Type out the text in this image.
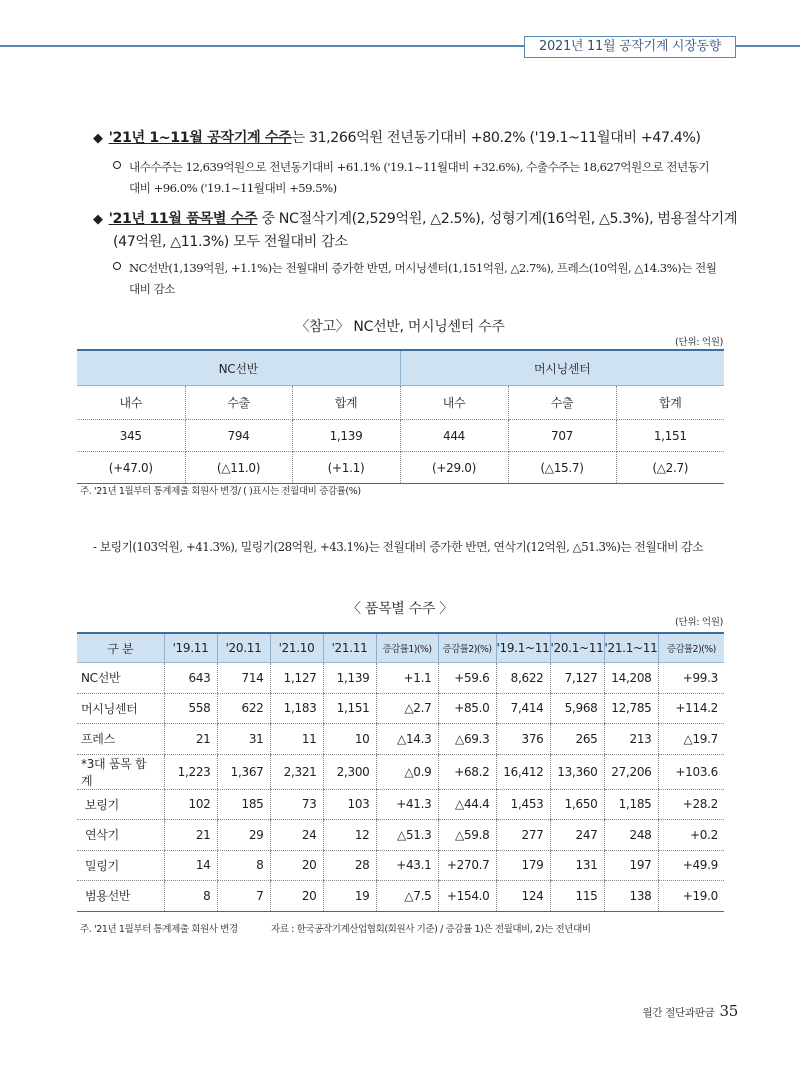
2021년 11월 공작기계 시장동향
◆ '21년 1~11월 공작기계 수주는 31,266억원 전년동기대비 +80.2% ('19.1~11월대비 +47.4%)
내수수주는 12,639억원으로 전년동기대비 +61.1% ('19.1~11월대비 +32.6%), 수출수주는 18,627억원으로 전년동기
대비 +96.0% ('19.1~11월대비 +59.5%)
◆ '21년 11월 품목별 수주 중 NC절삭기계(2,529억원, △2.5%), 성형기계(16억원, △5.3%), 범용절삭기계
(47억원, △11.3%) 모두 전월대비 감소
NC선반(1,139억원, +1.1%)는 전월대비 증가한 반면, 머시닝센터(1,151억원, △2.7%), 프레스(10억원, △14.3%)는 전월
대비 감소
〈참고〉 NC선반, 머시닝센터 수주
(단위: 억원)
NC선반			머시닝센터		
내수	수출	합계	내수	수출	합계
345	794	1,139	444	707	1,151
(+47.0)	(△11.0)	(+1.1)	(+29.0)	(△15.7)	(△2.7)
주. '21년 1월부터 통계제출 회원사 변경/ ( )표시는 전월대비 증감률(%)
- 보링기(103억원, +41.3%), 밀링기(28억원, +43.1%)는 전월대비 증가한 반면, 연삭기(12억원, △51.3%)는 전월대비 감소
〈 품목별 수주 〉
(단위: 억원)
구 분	'19.11	'20.11	'21.10	'21.11	증감률1)(%)	증감률2)(%)	'19.1~11	'20.1~11	'21.1~11	증감률2)(%)
NC선반	643	714	1,127	1,139	+1.1	+59.6	8,622	7,127	14,208	+99.3
머시닝센터	558	622	1,183	1,151	△2.7	+85.0	7,414	5,968	12,785	+114.2
프레스	21	31	11	10	△14.3	△69.3	376	265	213	△19.7
*3대 품목 합계	1,223	1,367	2,321	2,300	△0.9	+68.2	16,412	13,360	27,206	+103.6
보링기	102	185	73	103	+41.3	△44.4	1,453	1,650	1,185	+28.2
연삭기	21	29	24	12	△51.3	△59.8	277	247	248	+0.2
밀링기	14	8	20	28	+43.1	+270.7	179	131	197	+49.9
범용선반	8	7	20	19	△7.5	+154.0	124	115	138	+19.0
주. '21년 1월부터 통계제출 회원사 변경	자료 : 한국공작기계산업협회(회원사 기준) / 증감률 1)은 전월대비, 2)는 전년대비
월간 절단과판금 35
